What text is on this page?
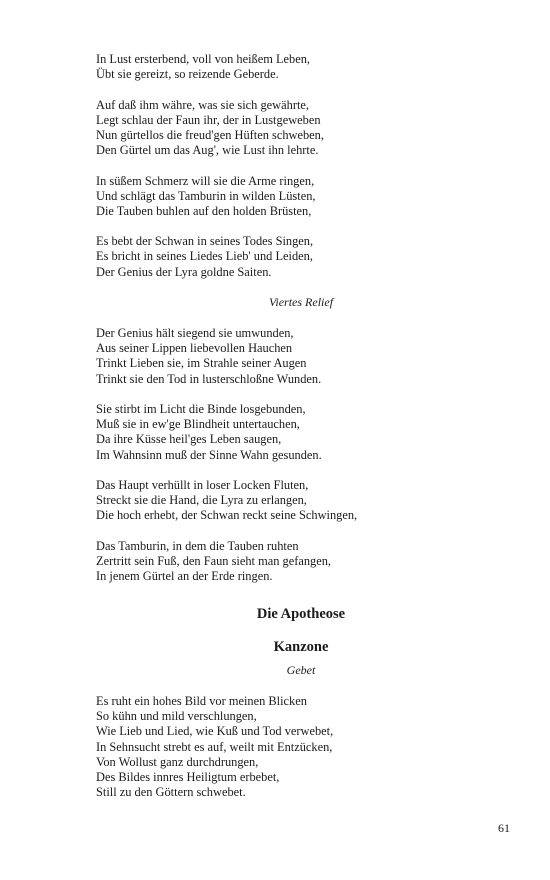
In Lust ersterbend, voll von heißem Leben,
Übt sie gereizt, so reizende Geberde.
Auf daß ihm währe, was sie sich gewährte,
Legt schlau der Faun ihr, der in Lustgeweben
Nun gürtellos die freud'gen Hüften schweben,
Den Gürtel um das Aug', wie Lust ihn lehrte.
In süßem Schmerz will sie die Arme ringen,
Und schlägt das Tamburin in wilden Lüsten,
Die Tauben buhlen auf den holden Brüsten,
Es bebt der Schwan in seines Todes Singen,
Es bricht in seines Liedes Lieb' und Leiden,
Der Genius der Lyra goldne Saiten.
Viertes Relief
Der Genius hält siegend sie umwunden,
Aus seiner Lippen liebevollen Hauchen
Trinkt Lieben sie, im Strahle seiner Augen
Trinkt sie den Tod in lusterschloßne Wunden.
Sie stirbt im Licht die Binde losgebunden,
Muß sie in ew'ge Blindheit untertauchen,
Da ihre Küsse heil'ges Leben saugen,
Im Wahnsinn muß der Sinne Wahn gesunden.
Das Haupt verhüllt in loser Locken Fluten,
Streckt sie die Hand, die Lyra zu erlangen,
Die hoch erhebt, der Schwan reckt seine Schwingen,
Das Tamburin, in dem die Tauben ruhten
Zertritt sein Fuß, den Faun sieht man gefangen,
In jenem Gürtel an der Erde ringen.
Die Apotheose
Kanzone
Gebet
Es ruht ein hohes Bild vor meinen Blicken
So kühn und mild verschlungen,
Wie Lieb und Lied, wie Kuß und Tod verwebet,
In Sehnsucht strebt es auf, weilt mit Entzücken,
Von Wollust ganz durchdrungen,
Des Bildes innres Heiligtum erbebet,
Still zu den Göttern schwebet.
61
